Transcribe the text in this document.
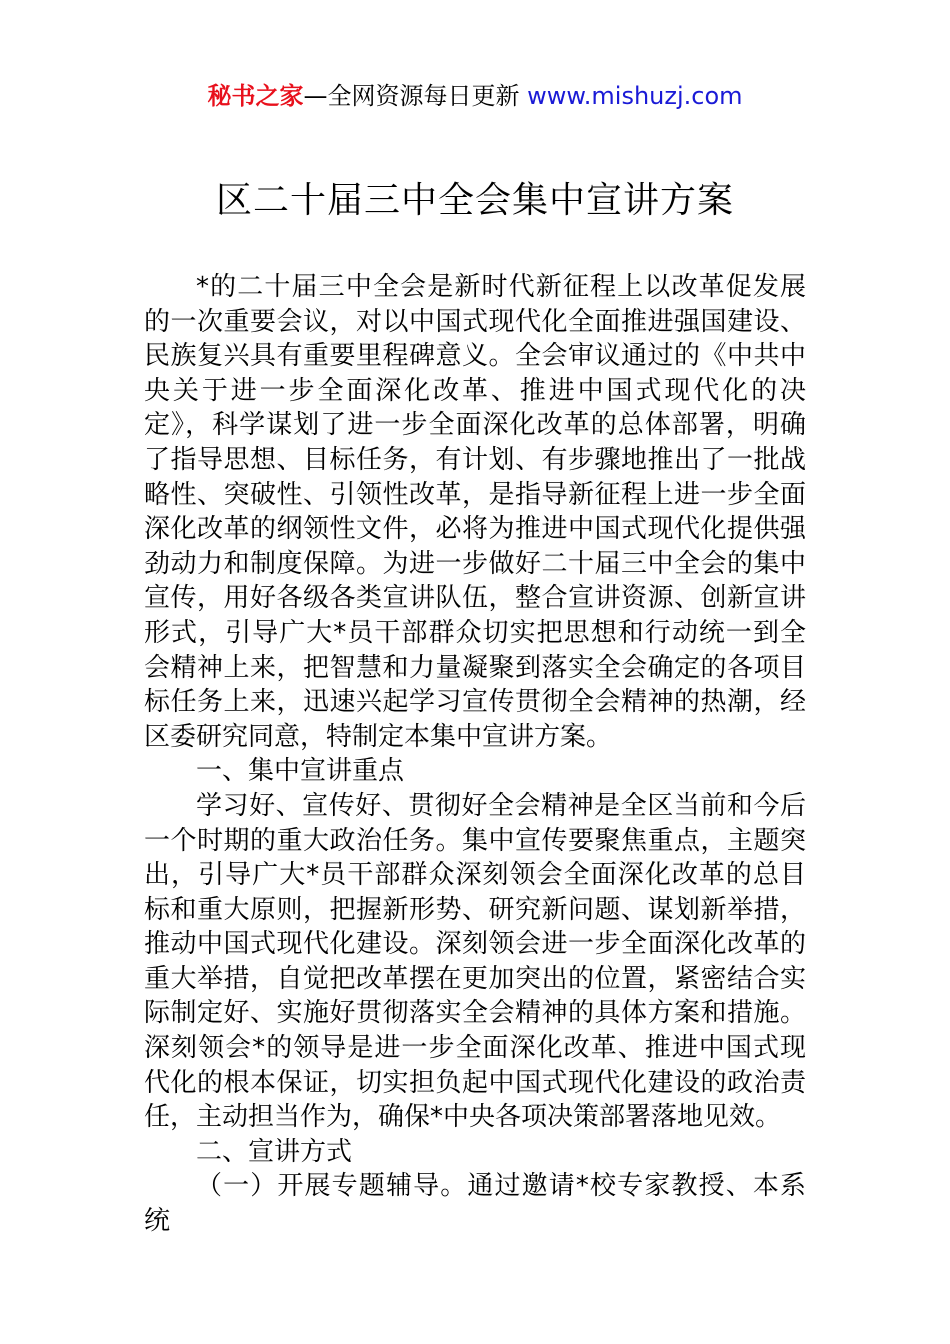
秘书之家—全网资源每日更新 www.mishuzj.com
区二十届三中全会集中宣讲方案

*的二十届三中全会是新时代新征程上以改革促发展的一次重要会议，对以中国式现代化全面推进强国建设、民族复兴具有重要里程碑意义。全会审议通过的《中共中央关于进一步全面深化改革、推进中国式现代化的决定》，科学谋划了进一步全面深化改革的总体部署，明确了指导思想、目标任务，有计划、有步骤地推出了一批战略性、突破性、引领性改革，是指导新征程上进一步全面深化改革的纲领性文件，必将为推进中国式现代化提供强劲动力和制度保障。为进一步做好二十届三中全会的集中宣传，用好各级各类宣讲队伍，整合宣讲资源、创新宣讲形式，引导广大*员干部群众切实把思想和行动统一到全会精神上来，把智慧和力量凝聚到落实全会确定的各项目标任务上来，迅速兴起学习宣传贯彻全会精神的热潮，经区委研究同意，特制定本集中宣讲方案。

一、集中宣讲重点

学习好、宣传好、贯彻好全会精神是全区当前和今后一个时期的重大政治任务。集中宣传要聚焦重点，主题突出，引导广大*员干部群众深刻领会全面深化改革的总目标和重大原则，把握新形势、研究新问题、谋划新举措，推动中国式现代化建设。深刻领会进一步全面深化改革的重大举措，自觉把改革摆在更加突出的位置，紧密结合实际制定好、实施好贯彻落实全会精神的具体方案和措施。深刻领会*的领导是进一步全面深化改革、推进中国式现代化的根本保证，切实担负起中国式现代化建设的政治责任，主动担当作为，确保*中央各项决策部署落地见效。

二、宣讲方式

（一）开展专题辅导。通过邀请*校专家教授、本系统
